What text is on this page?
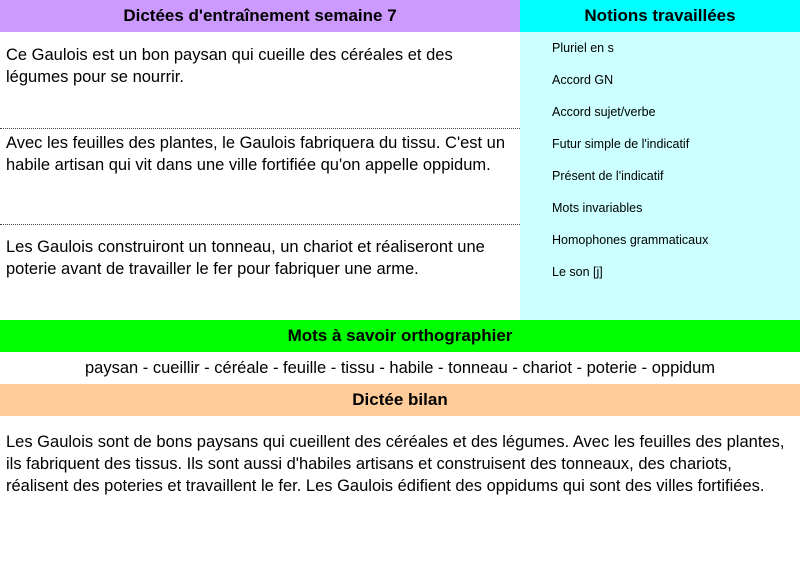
Dictées d'entraînement semaine 7	Notions travaillées
Ce Gaulois est un bon paysan qui cueille des céréales et des légumes pour se nourrir.
Avec les feuilles des plantes, le Gaulois fabriquera du tissu. C'est un habile artisan qui vit dans une ville fortifiée qu'on appelle oppidum.
Les Gaulois construiront un tonneau, un chariot et réaliseront une poterie avant de travailler le fer pour fabriquer une arme.
Pluriel en s
Accord GN
Accord sujet/verbe
Futur simple de l'indicatif
Présent de l'indicatif
Mots invariables
Homophones grammaticaux
Le son [j]
Mots à savoir orthographier
paysan - cueillir - céréale - feuille - tissu - habile - tonneau - chariot - poterie - oppidum
Dictée bilan
Les Gaulois sont de bons paysans qui cueillent des céréales et des légumes. Avec les feuilles des plantes, ils fabriquent des tissus. Ils sont aussi d'habiles artisans et construisent des tonneaux, des chariots, réalisent des poteries et travaillent le fer. Les Gaulois édifient des oppidums qui sont des villes fortifiées.
